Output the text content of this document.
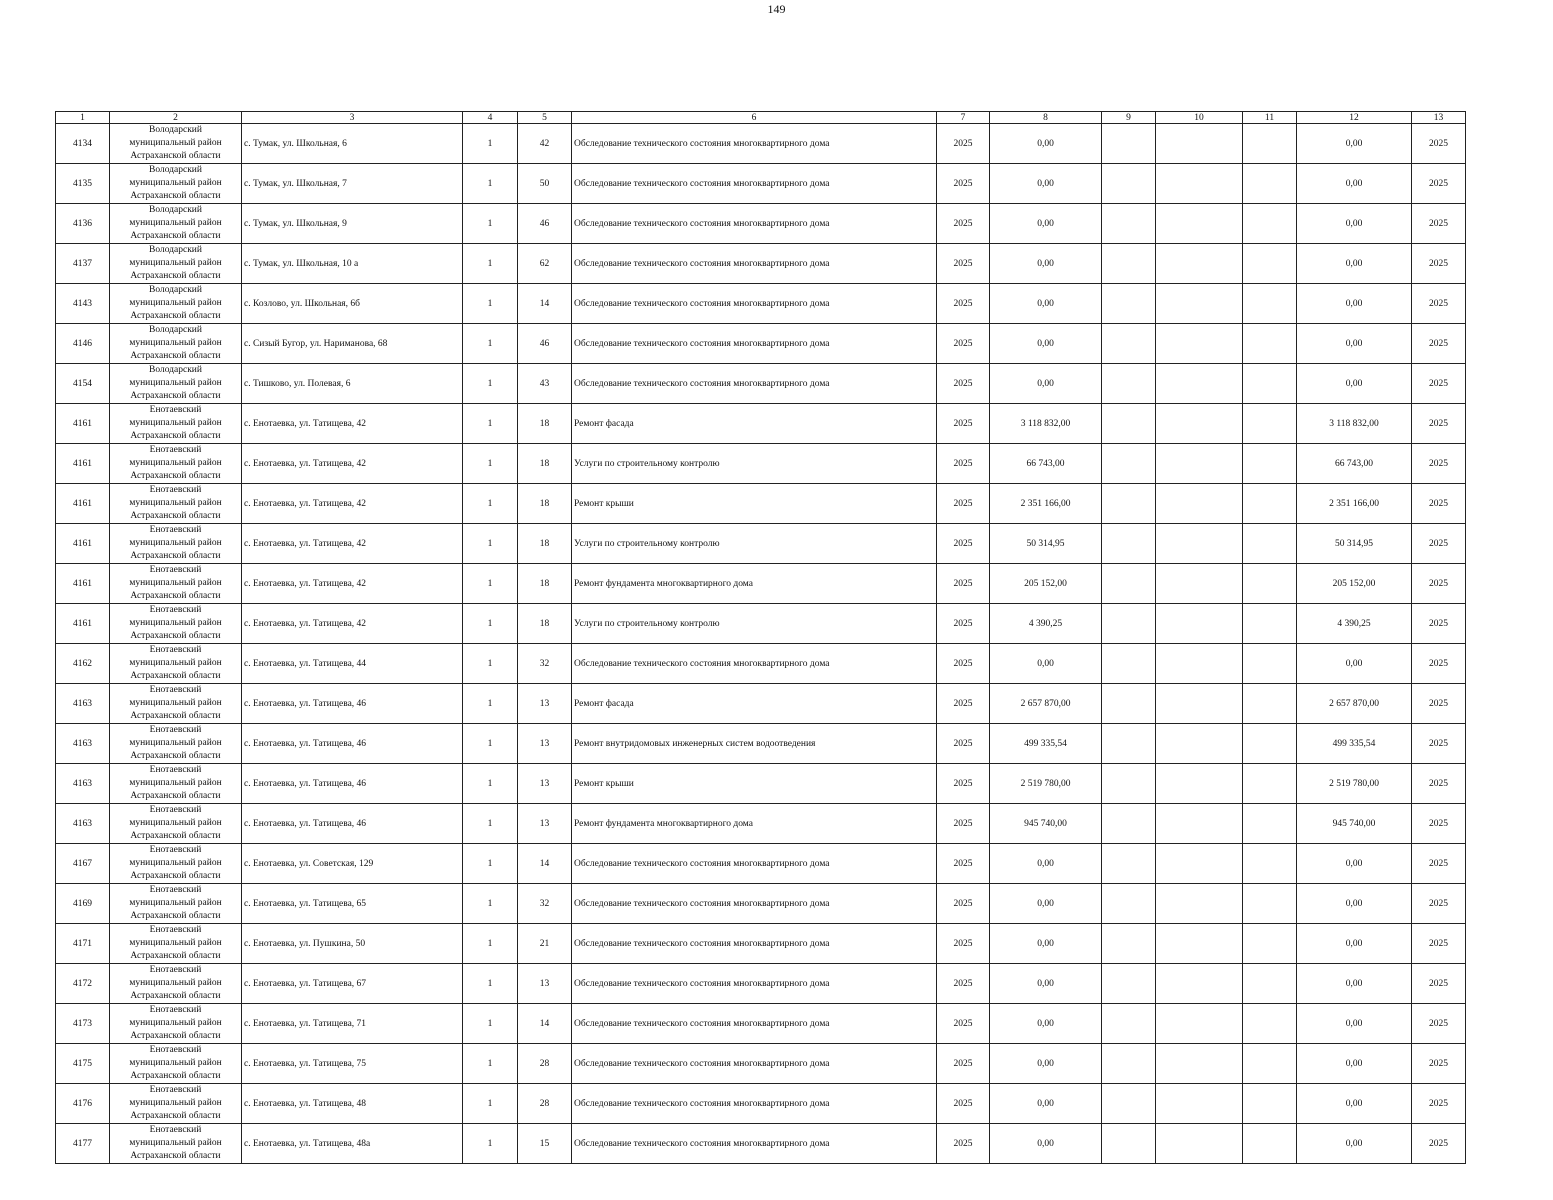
149
1	2	3	4	5	6	7	8	9	10	11	12	13
4134	Володарский
муниципальный район
Астраханской области	с. Тумак, ул. Школьная, 6	1	42	Обследование технического состояния многоквартирного дома	2025	0,00				0,00	2025
4135	Володарский
муниципальный район
Астраханской области	с. Тумак, ул. Школьная, 7	1	50	Обследование технического состояния многоквартирного дома	2025	0,00				0,00	2025
4136	Володарский
муниципальный район
Астраханской области	с. Тумак, ул. Школьная, 9	1	46	Обследование технического состояния многоквартирного дома	2025	0,00				0,00	2025
4137	Володарский
муниципальный район
Астраханской области	с. Тумак, ул. Школьная, 10 а	1	62	Обследование технического состояния многоквартирного дома	2025	0,00				0,00	2025
4143	Володарский
муниципальный район
Астраханской области	с. Козлово, ул. Школьная, 6б	1	14	Обследование технического состояния многоквартирного дома	2025	0,00				0,00	2025
4146	Володарский
муниципальный район
Астраханской области	с. Сизый Бугор, ул. Нариманова, 68	1	46	Обследование технического состояния многоквартирного дома	2025	0,00				0,00	2025
4154	Володарский
муниципальный район
Астраханской области	с. Тишково, ул. Полевая, 6	1	43	Обследование технического состояния многоквартирного дома	2025	0,00				0,00	2025
4161	Енотаевский
муниципальный район
Астраханской области	с. Енотаевка, ул. Татищева, 42	1	18	Ремонт фасада	2025	3 118 832,00				3 118 832,00	2025
4161	Енотаевский
муниципальный район
Астраханской области	с. Енотаевка, ул. Татищева, 42	1	18	Услуги по строительному контролю	2025	66 743,00				66 743,00	2025
4161	Енотаевский
муниципальный район
Астраханской области	с. Енотаевка, ул. Татищева, 42	1	18	Ремонт крыши	2025	2 351 166,00				2 351 166,00	2025
4161	Енотаевский
муниципальный район
Астраханской области	с. Енотаевка, ул. Татищева, 42	1	18	Услуги по строительному контролю	2025	50 314,95				50 314,95	2025
4161	Енотаевский
муниципальный район
Астраханской области	с. Енотаевка, ул. Татищева, 42	1	18	Ремонт фундамента многоквартирного дома	2025	205 152,00				205 152,00	2025
4161	Енотаевский
муниципальный район
Астраханской области	с. Енотаевка, ул. Татищева, 42	1	18	Услуги по строительному контролю	2025	4 390,25				4 390,25	2025
4162	Енотаевский
муниципальный район
Астраханской области	с. Енотаевка, ул. Татищева, 44	1	32	Обследование технического состояния многоквартирного дома	2025	0,00				0,00	2025
4163	Енотаевский
муниципальный район
Астраханской области	с. Енотаевка, ул. Татищева, 46	1	13	Ремонт фасада	2025	2 657 870,00				2 657 870,00	2025
4163	Енотаевский
муниципальный район
Астраханской области	с. Енотаевка, ул. Татищева, 46	1	13	Ремонт внутридомовых инженерных систем водоотведения	2025	499 335,54				499 335,54	2025
4163	Енотаевский
муниципальный район
Астраханской области	с. Енотаевка, ул. Татищева, 46	1	13	Ремонт крыши	2025	2 519 780,00				2 519 780,00	2025
4163	Енотаевский
муниципальный район
Астраханской области	с. Енотаевка, ул. Татищева, 46	1	13	Ремонт фундамента многоквартирного дома	2025	945 740,00				945 740,00	2025
4167	Енотаевский
муниципальный район
Астраханской области	с. Енотаевка, ул. Советская, 129	1	14	Обследование технического состояния многоквартирного дома	2025	0,00				0,00	2025
4169	Енотаевский
муниципальный район
Астраханской области	с. Енотаевка, ул. Татищева, 65	1	32	Обследование технического состояния многоквартирного дома	2025	0,00				0,00	2025
4171	Енотаевский
муниципальный район
Астраханской области	с. Енотаевка, ул. Пушкина, 50	1	21	Обследование технического состояния многоквартирного дома	2025	0,00				0,00	2025
4172	Енотаевский
муниципальный район
Астраханской области	с. Енотаевка, ул. Татищева, 67	1	13	Обследование технического состояния многоквартирного дома	2025	0,00				0,00	2025
4173	Енотаевский
муниципальный район
Астраханской области	с. Енотаевка, ул. Татищева, 71	1	14	Обследование технического состояния многоквартирного дома	2025	0,00				0,00	2025
4175	Енотаевский
муниципальный район
Астраханской области	с. Енотаевка, ул. Татищева, 75	1	28	Обследование технического состояния многоквартирного дома	2025	0,00				0,00	2025
4176	Енотаевский
муниципальный район
Астраханской области	с. Енотаевка, ул. Татищева, 48	1	28	Обследование технического состояния многоквартирного дома	2025	0,00				0,00	2025
4177	Енотаевский
муниципальный район
Астраханской области	с. Енотаевка, ул. Татищева, 48а	1	15	Обследование технического состояния многоквартирного дома	2025	0,00				0,00	2025
